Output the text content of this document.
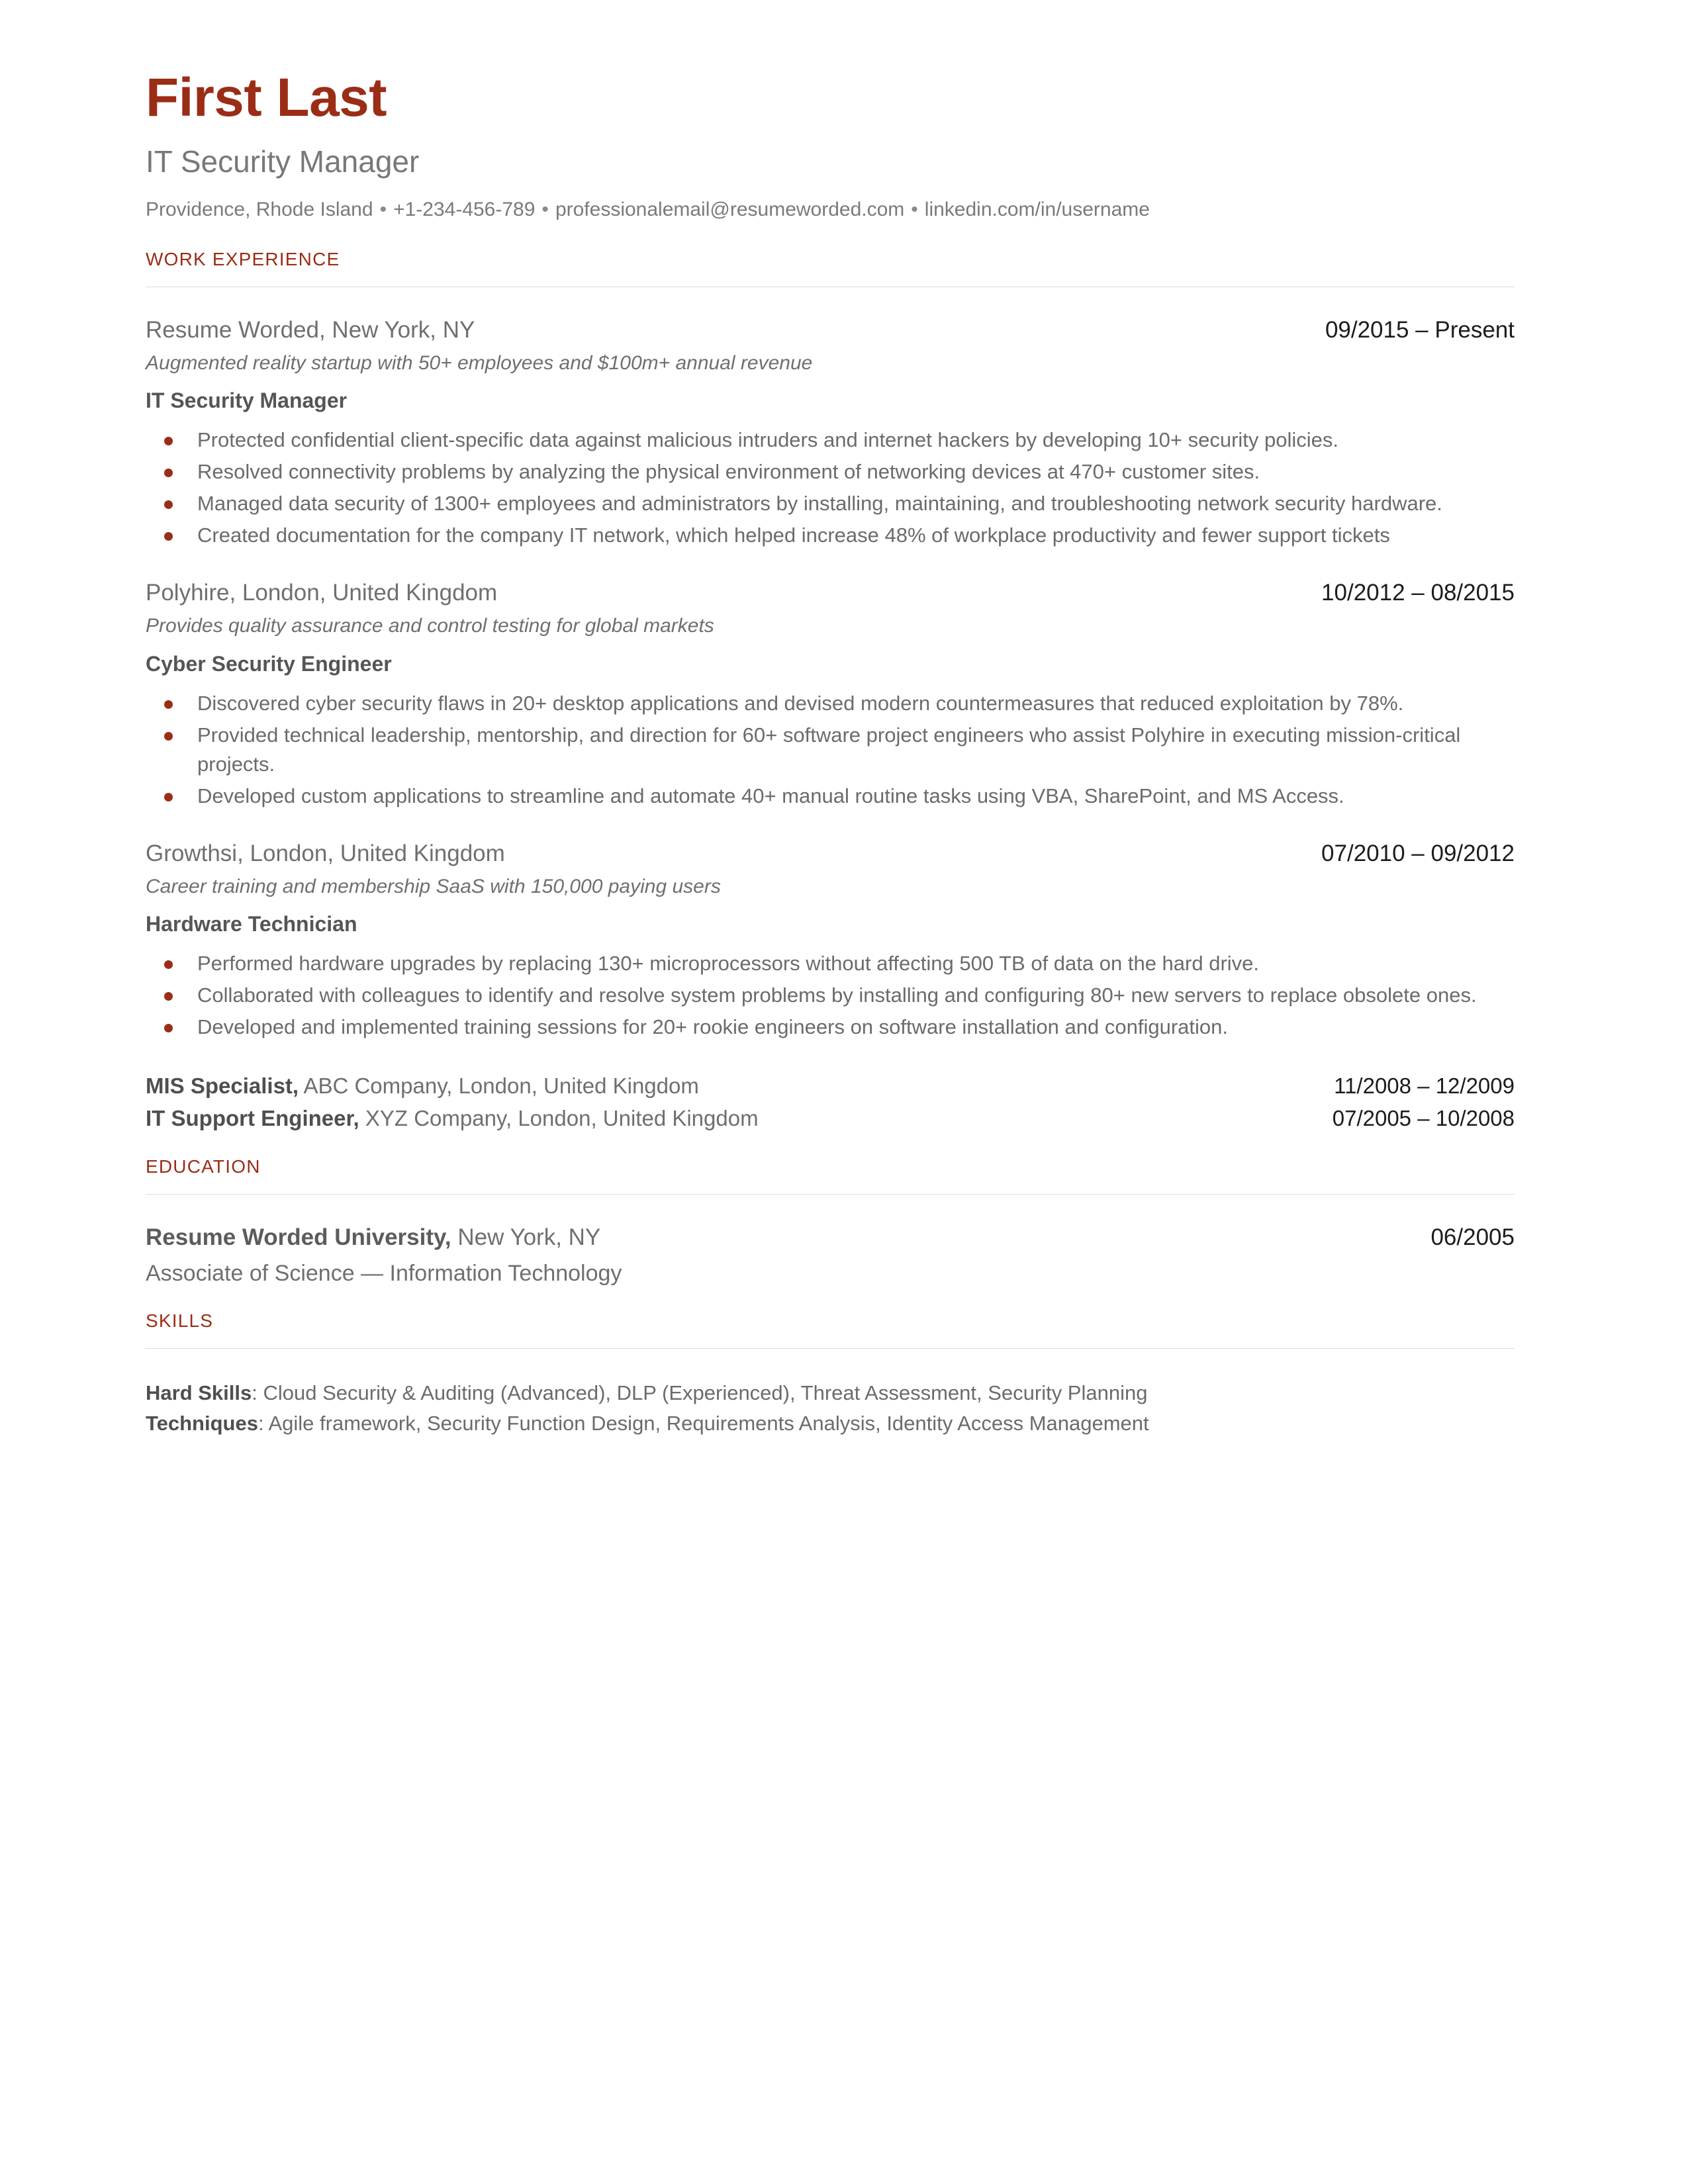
First Last
IT Security Manager
Providence, Rhode Island • +1-234-456-789 • professionalemail@resumeworded.com • linkedin.com/in/username
WORK EXPERIENCE
Resume Worded, New York, NY	09/2015 – Present
Augmented reality startup with 50+ employees and $100m+ annual revenue
IT Security Manager
Protected confidential client-specific data against malicious intruders and internet hackers by developing 10+ security policies.
Resolved connectivity problems by analyzing the physical environment of networking devices at 470+ customer sites.
Managed data security of 1300+ employees and administrators by installing, maintaining, and troubleshooting network security hardware.
Created documentation for the company IT network, which helped increase 48% of workplace productivity and fewer support tickets
Polyhire, London, United Kingdom	10/2012 – 08/2015
Provides quality assurance and control testing for global markets
Cyber Security Engineer
Discovered cyber security flaws in 20+ desktop applications and devised modern countermeasures that reduced exploitation by 78%.
Provided technical leadership, mentorship, and direction for 60+ software project engineers who assist Polyhire in executing mission-critical projects.
Developed custom applications to streamline and automate 40+ manual routine tasks using VBA, SharePoint, and MS Access.
Growthsi, London, United Kingdom	07/2010 – 09/2012
Career training and membership SaaS with 150,000 paying users
Hardware Technician
Performed hardware upgrades by replacing 130+ microprocessors without affecting 500 TB of data on the hard drive.
Collaborated with colleagues to identify and resolve system problems by installing and configuring 80+ new servers to replace obsolete ones.
Developed and implemented training sessions for 20+ rookie engineers on software installation and configuration.
MIS Specialist, ABC Company, London, United Kingdom	11/2008 – 12/2009
IT Support Engineer, XYZ Company, London, United Kingdom	07/2005 – 10/2008
EDUCATION
Resume Worded University, New York, NY	06/2005
Associate of Science — Information Technology
SKILLS
Hard Skills: Cloud Security & Auditing (Advanced), DLP (Experienced), Threat Assessment, Security Planning
Techniques: Agile framework, Security Function Design, Requirements Analysis, Identity Access Management
